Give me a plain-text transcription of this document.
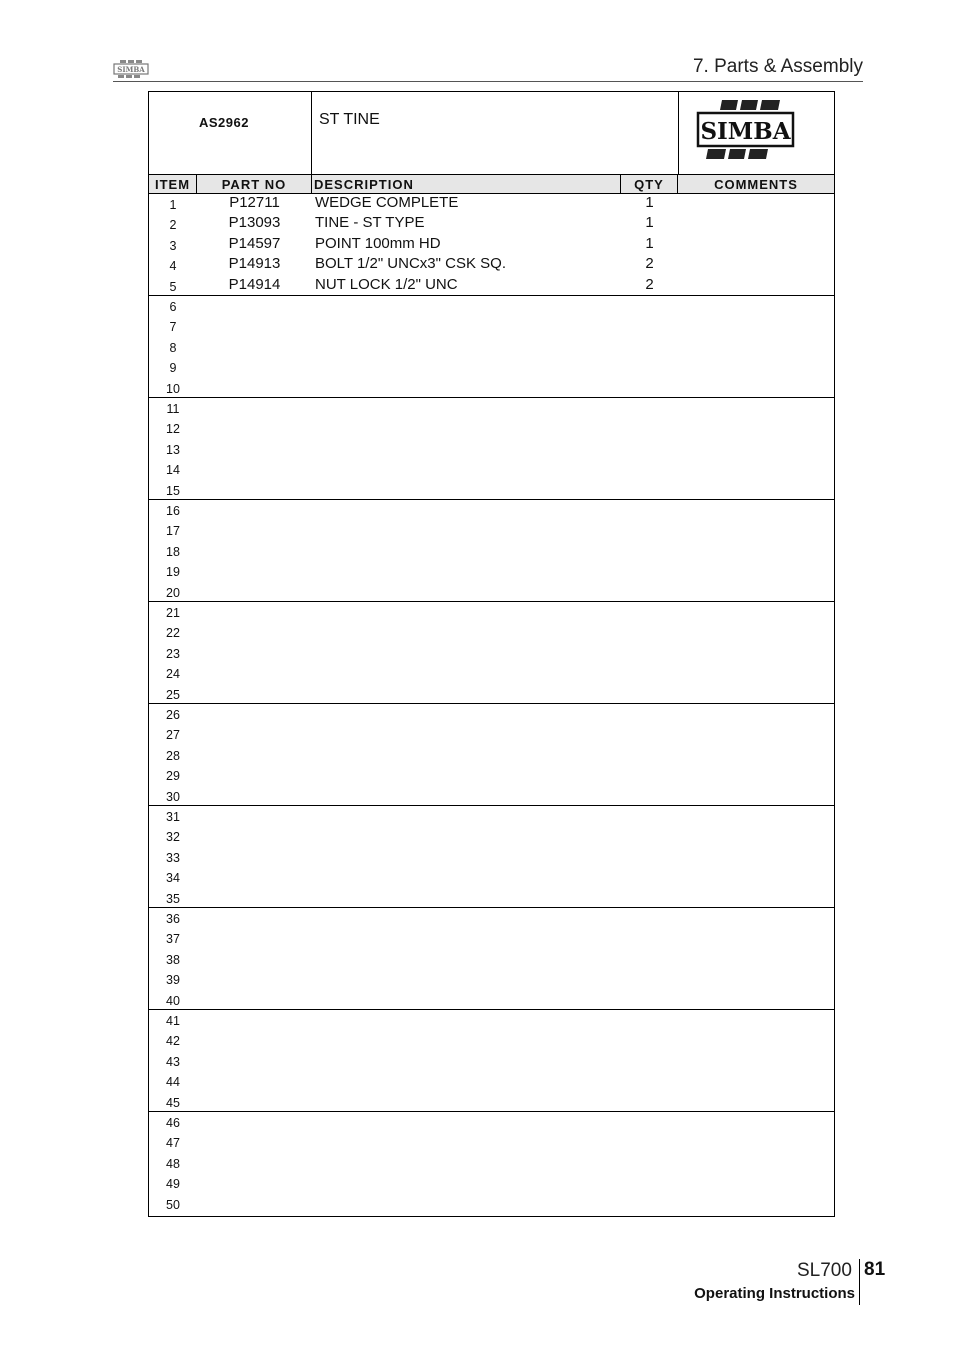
SIMBA	7. Parts & Assembly
AS2962	ST TINE	SIMBA
ITEM	PART NO	DESCRIPTION	QTY	COMMENTS
1	P12711	WEDGE COMPLETE	1
2	P13093	TINE - ST TYPE	1
3	P14597	POINT 100mm HD	1
4	P14913	BOLT 1/2" UNCx3" CSK SQ.	2
5	P14914	NUT LOCK 1/2" UNC	2
6
7
8
9
10
11
12
13
14
15
16
17
18
19
20
21
22
23
24
25
26
27
28
29
30
31
32
33
34
35
36
37
38
39
40
41
42
43
44
45
46
47
48
49
50
SL700 81
Operating Instructions
